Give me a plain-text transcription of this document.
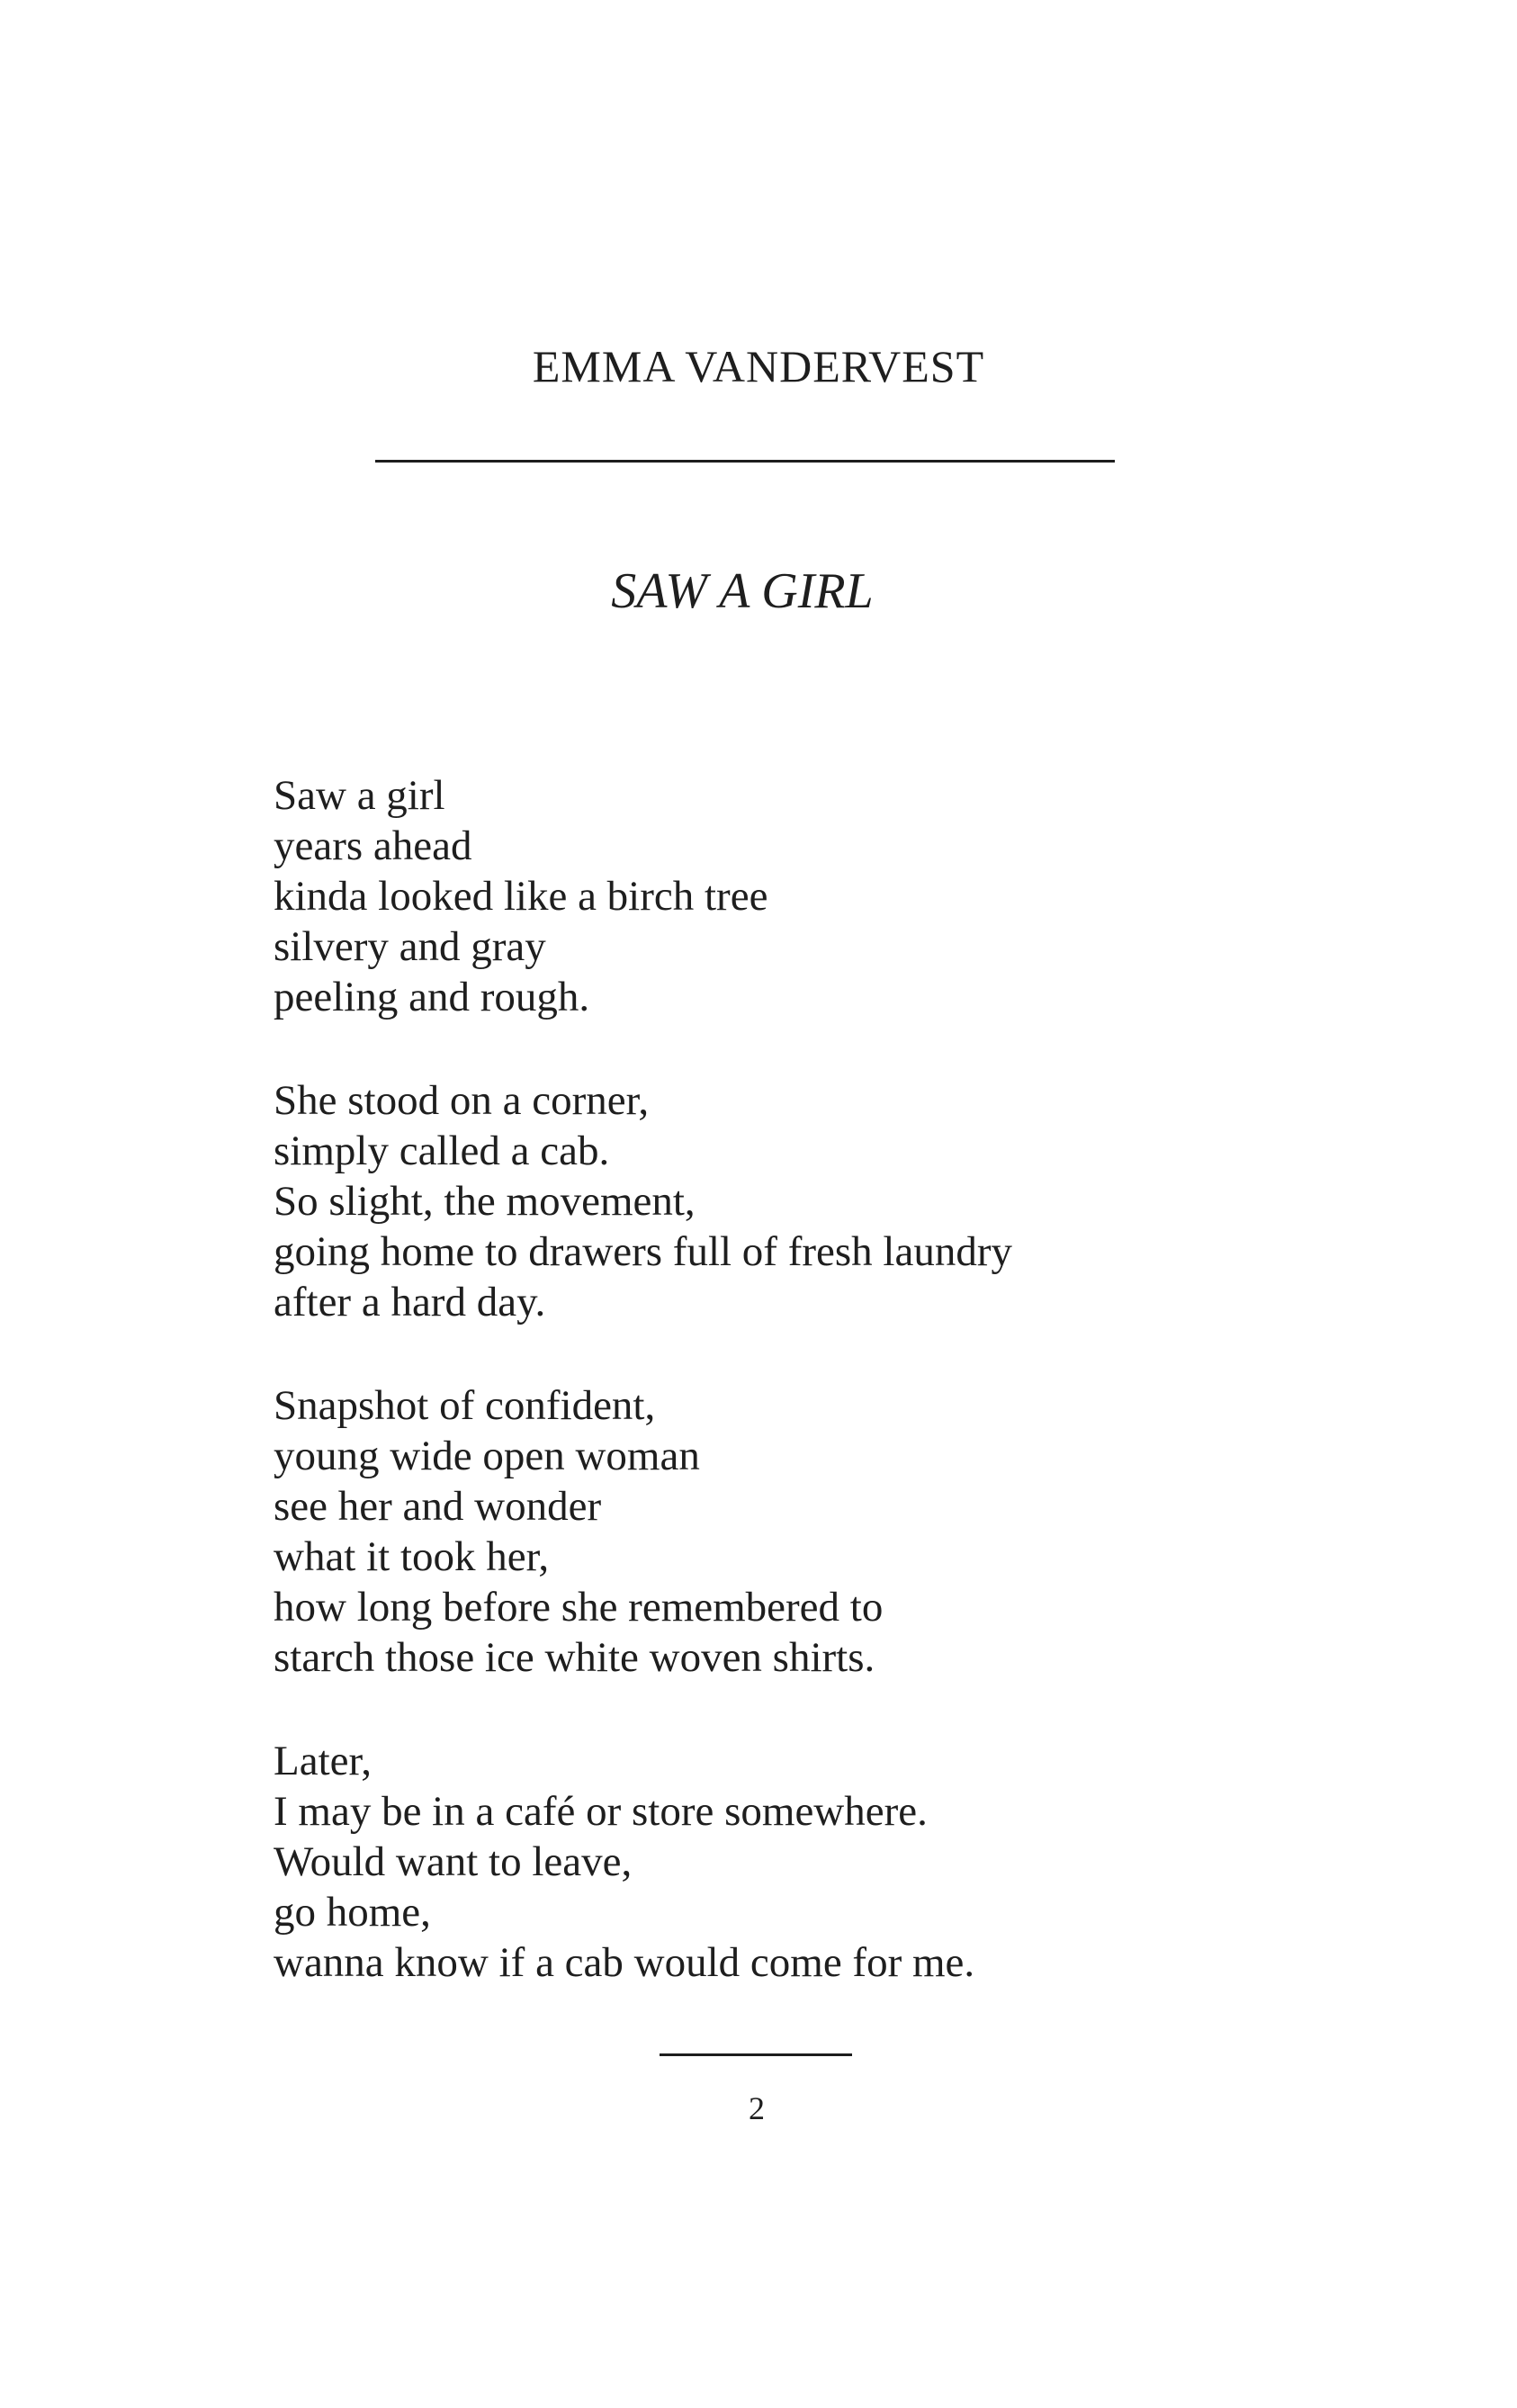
EMMA VANDERVEST
SAW A GIRL
Saw a girl
years ahead
kinda looked like a birch tree
silvery and gray
peeling and rough.
She stood on a corner,
simply called a cab.
So slight, the movement,
going home to drawers full of fresh laundry
after a hard day.
Snapshot of confident,
young wide open woman
see her and wonder
what it took her,
how long before she remembered to
starch those ice white woven shirts.
Later,
I may be in a café or store somewhere.
Would want to leave,
go home,
wanna know if a cab would come for me.
2
